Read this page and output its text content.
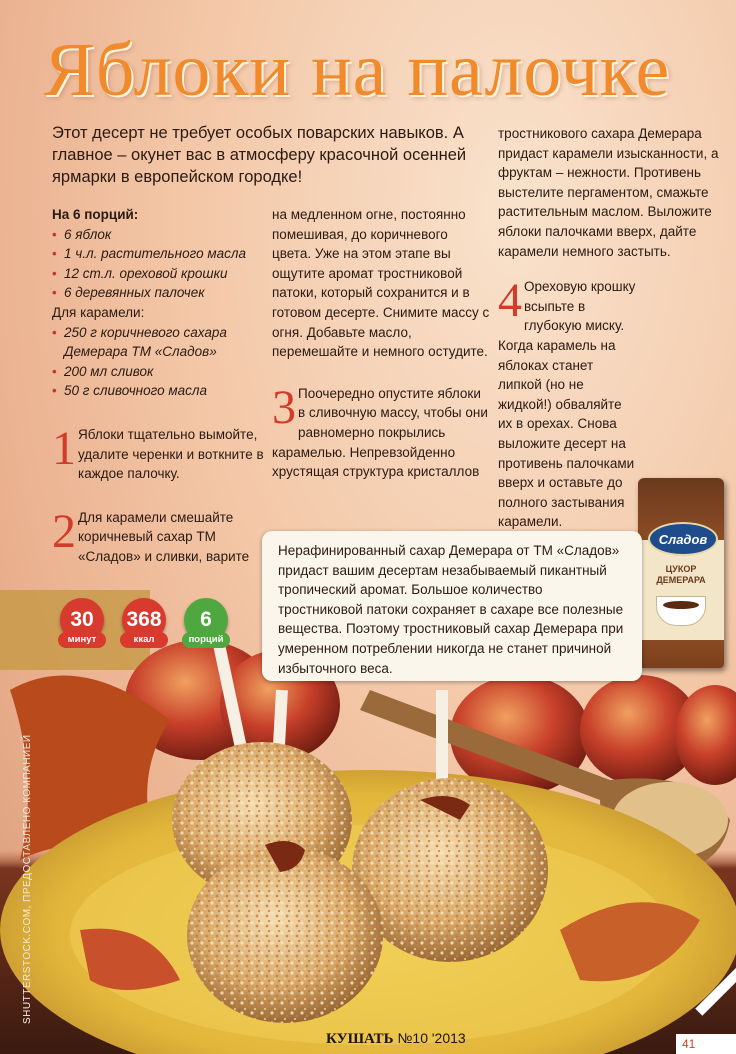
Яблоки на палочке
Этот десерт не требует особых поварских навыков. А главное – окунет вас в атмосферу красочной осенней ярмарки в европейском городке!

На 6 порций:

• 6 яблок
• 1 ч.л. растительного масла
• 12 ст.л. ореховой крошки
• 6 деревянных палочек

Для карамели:

• 250 г коричневого сахара Демерара ТМ «Сладов»
• 200 мл сливок
• 50 г сливочного масла
1 Яблоки тщательно вымойте, удалите черенки и воткните в каждое палочку.
2 Для карамели смешайте коричневый сахар ТМ «Сладов» и сливки, варите

на медленном огне, постоянно помешивая, до коричневого цвета. Уже на этом этапе вы ощутите аромат тростниковой патоки, который сохранится и в готовом десерте. Снимите массу с огня. Добавьте масло, перемешайте и немного остудите.

3 Поочередно опустите яблоки в сливочную массу, чтобы они равномерно покрылись карамелью. Непревзойденно хрустящая структура кристаллов

тростникового сахара Демерара придаст карамели изысканности, а фруктам – нежности. Противень выстелите пергаментом, смажьте растительным маслом. Выложите яблоки палочками вверх, дайте карамели немного застыть.

4 Ореховую крошку всыпьте в глубокую миску. Когда карамель на яблоках станет липкой (но не жидкой!) обваляйте их в орехах. Снова выложите десерт на противень палочками вверх и оставьте до полного застывания карамели.
Сладов
ЦУКОР ДЕМЕРАРА
Нерафинированный сахар Демерара от ТМ «Сладов» придаст вашим десертам незабываемый пикантный тропический аромат. Большое количество тростниковой патоки сохраняет в сахаре все полезные вещества. Поэтому тростниковый сахар Демерара при умеренном потреблении никогда не станет причиной избыточного веса.
30
минут
368
ккал
6
порций
SHUTTERSTOCK.COM, ПРЕДОСТАВЛЕНО КОМПАНИЕЙ
КУШАТЬ №10 '2013	41
